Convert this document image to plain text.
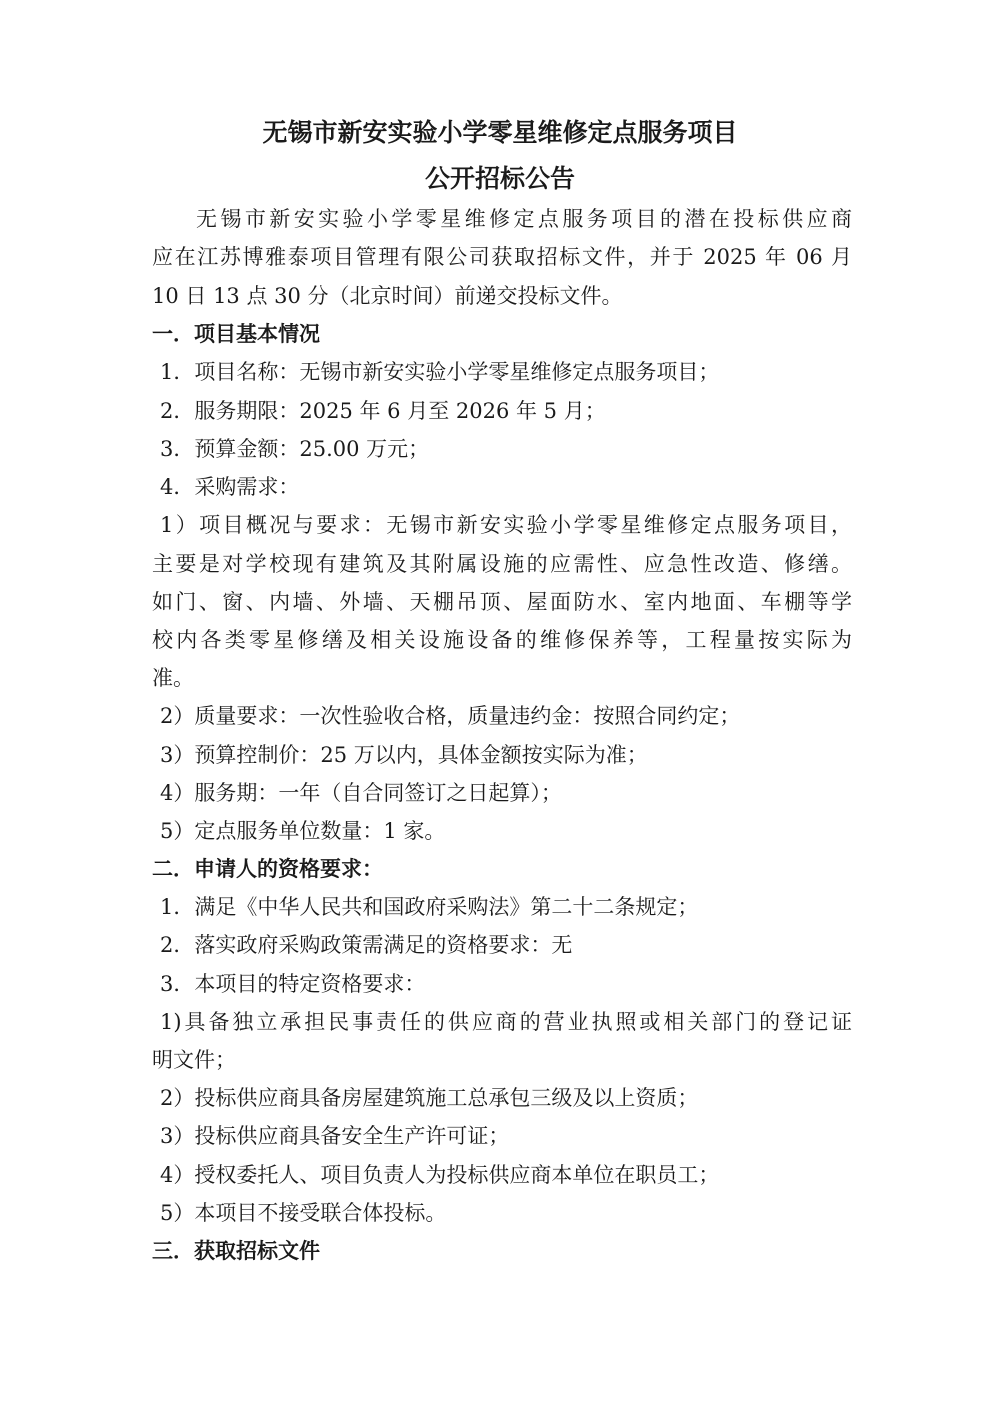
无锡市新安实验小学零星维修定点服务项目
公开招标公告
无锡市新安实验小学零星维修定点服务项目的潜在投标供应商
应在江苏博雅泰项目管理有限公司获取招标文件，并于 2025 年 06 月
10 日 13 点 30 分（北京时间）前递交投标文件。
一．项目基本情况
1．项目名称：无锡市新安实验小学零星维修定点服务项目；
2．服务期限：2025 年 6 月至 2026 年 5 月；
3．预算金额：25.00 万元；
4．采购需求：
1）项目概况与要求：无锡市新安实验小学零星维修定点服务项目，
主要是对学校现有建筑及其附属设施的应需性、应急性改造、修缮。
如门、窗、内墙、外墙、天棚吊顶、屋面防水、室内地面、车棚等学
校内各类零星修缮及相关设施设备的维修保养等，工程量按实际为
准。
2）质量要求：一次性验收合格，质量违约金：按照合同约定；
3）预算控制价：25 万以内，具体金额按实际为准；
4）服务期：一年（自合同签订之日起算）；
5）定点服务单位数量：1 家。
二．申请人的资格要求：
1．满足《中华人民共和国政府采购法》第二十二条规定；
2．落实政府采购政策需满足的资格要求：无
3．本项目的特定资格要求：
1)具备独立承担民事责任的供应商的营业执照或相关部门的登记证
明文件；
2）投标供应商具备房屋建筑施工总承包三级及以上资质；
3）投标供应商具备安全生产许可证；
4）授权委托人、项目负责人为投标供应商本单位在职员工；
5）本项目不接受联合体投标。
三．获取招标文件
